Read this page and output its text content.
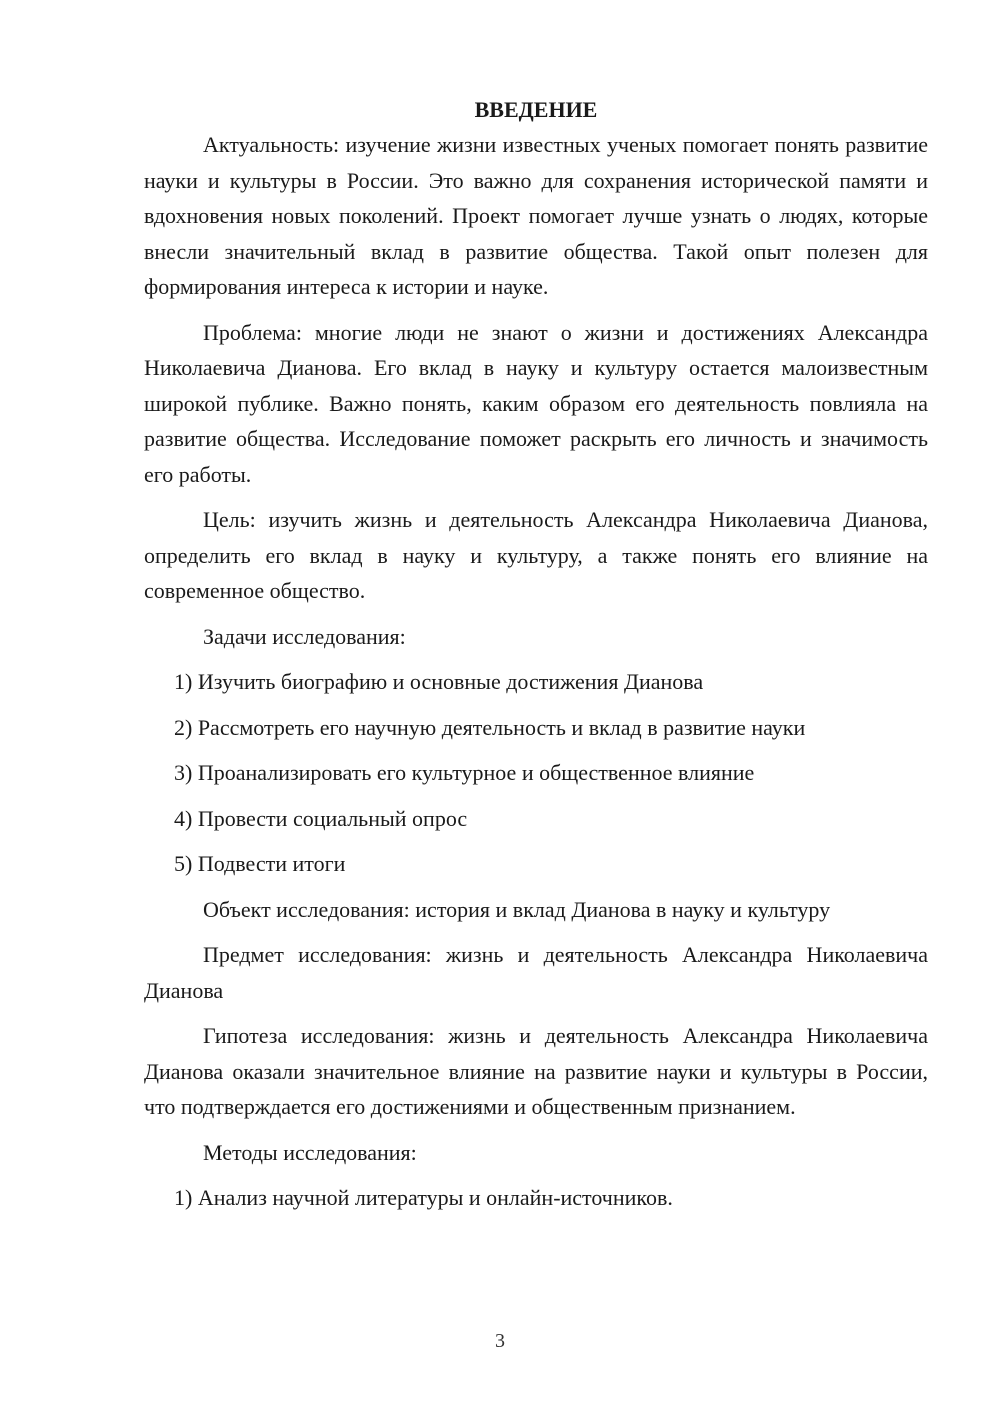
ВВЕДЕНИЕ

Актуальность: изучение жизни известных ученых помогает понять развитие науки и культуры в России. Это важно для сохранения исторической памяти и вдохновения новых поколений. Проект помогает лучше узнать о людях, которые внесли значительный вклад в развитие общества. Такой опыт полезен для формирования интереса к истории и науке.

Проблема: многие люди не знают о жизни и достижениях Александра Николаевича Дианова. Его вклад в науку и культуру остается малоизвестным широкой публике. Важно понять, каким образом его деятельность повлияла на развитие общества. Исследование поможет раскрыть его личность и значимость его работы.

Цель: изучить жизнь и деятельность Александра Николаевича Дианова, определить его вклад в науку и культуру, а также понять его влияние на современное общество.

Задачи исследования:
1) Изучить биографию и основные достижения Дианова
2) Рассмотреть его научную деятельность и вклад в развитие науки
3) Проанализировать его культурное и общественное влияние
4) Провести социальный опрос
5) Подвести итоги
Объект исследования: история и вклад Дианова в науку и культуру

Предмет исследования: жизнь и деятельность Александра Николаевича Дианова

Гипотеза исследования: жизнь и деятельность Александра Николаевича Дианова оказали значительное влияние на развитие науки и культуры в России, что подтверждается его достижениями и общественным признанием.

Методы исследования:
1) Анализ научной литературы и онлайн-источников.
3
